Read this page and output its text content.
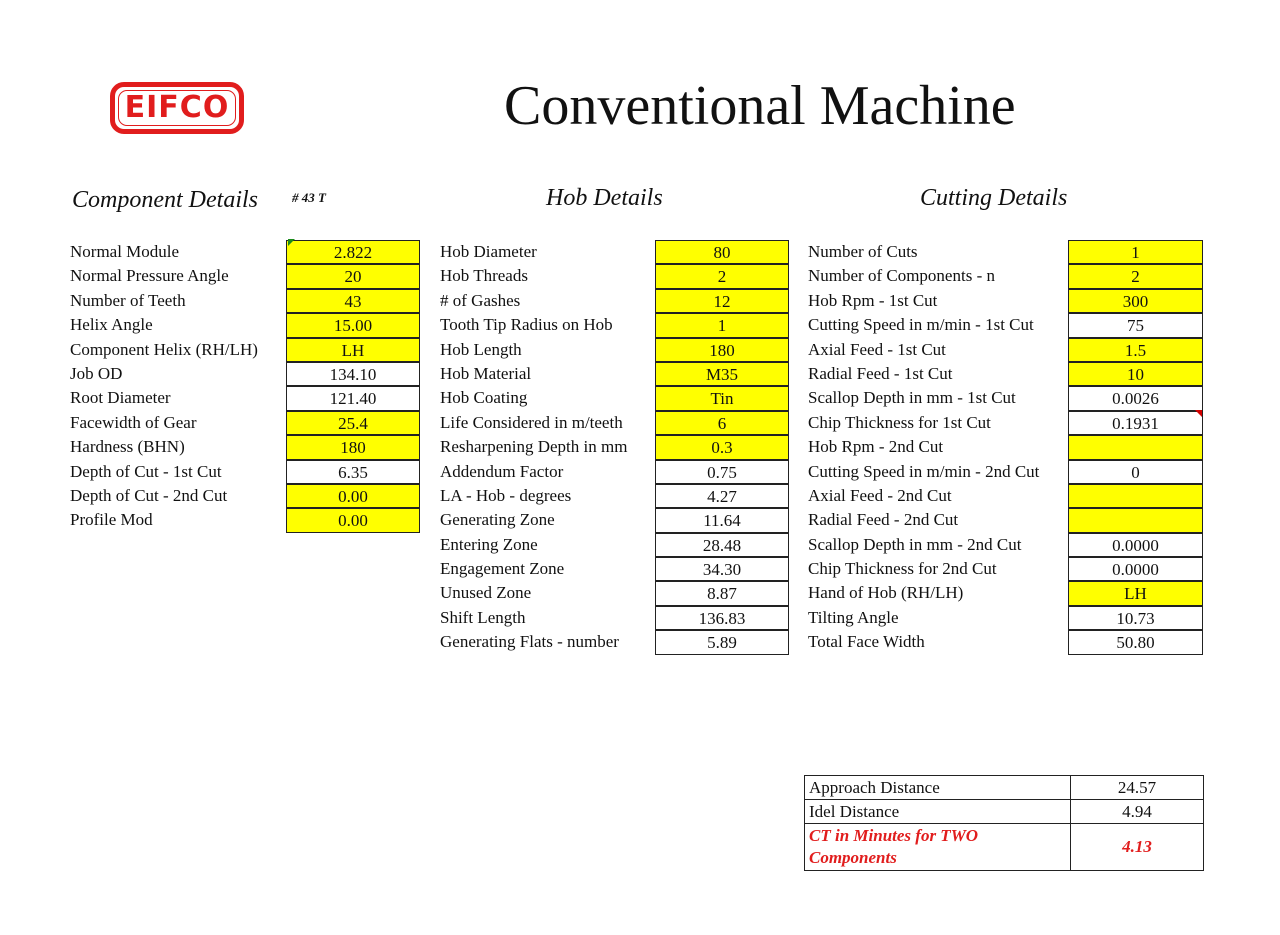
EIFCO	Conventional Machine
Component Details	# 43 T	Hob Details	Cutting Details
Normal Module	2.822
Normal Pressure Angle	20
Number of Teeth	43
Helix Angle	15.00
Component Helix (RH/LH)	LH
Job OD	134.10
Root Diameter	121.40
Facewidth of Gear	25.4
Hardness (BHN)	180
Depth of Cut - 1st Cut	6.35
Depth of Cut - 2nd Cut	0.00
Profile Mod	0.00
Hob Diameter	80
Hob Threads	2
# of Gashes	12
Tooth Tip Radius on Hob	1
Hob Length	180
Hob Material	M35
Hob Coating	Tin
Life Considered in m/teeth	6
Resharpening Depth in mm	0.3
Addendum Factor	0.75
LA - Hob - degrees	4.27
Generating Zone	11.64
Entering Zone	28.48
Engagement Zone	34.30
Unused Zone	8.87
Shift Length	136.83
Generating Flats - number	5.89
Number of Cuts	1
Number of Components - n	2
Hob Rpm - 1st Cut	300
Cutting Speed in m/min - 1st Cut	75
Axial Feed - 1st Cut	1.5
Radial Feed - 1st Cut	10
Scallop Depth in mm - 1st Cut	0.0026
Chip Thickness for 1st Cut	0.1931
Hob Rpm - 2nd Cut
Cutting Speed in m/min - 2nd Cut	0
Axial Feed - 2nd Cut
Radial Feed - 2nd Cut
Scallop Depth in mm - 2nd Cut	0.0000
Chip Thickness for 2nd Cut	0.0000
Hand of Hob (RH/LH)	LH
Tilting Angle	10.73
Total Face Width	50.80
Approach Distance	24.57
Idel Distance	4.94
CT in Minutes for TWO
Components	4.13
